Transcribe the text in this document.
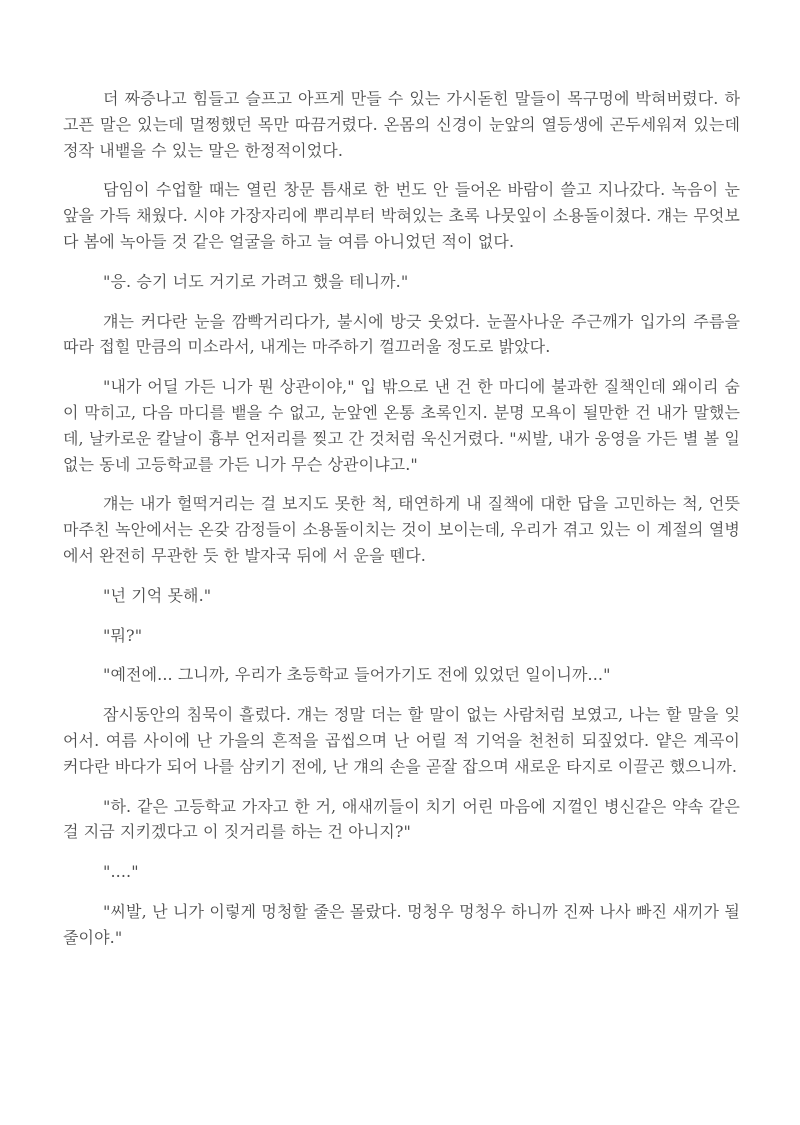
더 짜증나고 힘들고 슬프고 아프게 만들 수 있는 가시돋힌 말들이 목구멍에 박혀버렸다. 하고픈 말은 있는데 멀쩡했던 목만 따끔거렸다. 온몸의 신경이 눈앞의 열등생에 곤두세워져 있는데 정작 내뱉을 수 있는 말은 한정적이었다.

담임이 수업할 때는 열린 창문 틈새로 한 번도 안 들어온 바람이 쓸고 지나갔다. 녹음이 눈앞을 가득 채웠다. 시야 가장자리에 뿌리부터 박혀있는 초록 나뭇잎이 소용돌이쳤다. 걔는 무엇보다 봄에 녹아들 것 같은 얼굴을 하고 늘 여름 아니었던 적이 없다.

"응. 승기 너도 거기로 가려고 했을 테니까."

걔는 커다란 눈을 깜빡거리다가, 불시에 방긋 웃었다. 눈꼴사나운 주근깨가 입가의 주름을 따라 접힐 만큼의 미소라서, 내게는 마주하기 껄끄러울 정도로 밝았다.

"내가 어딜 가든 니가 뭔 상관이야," 입 밖으로 낸 건 한 마디에 불과한 질책인데 왜이리 숨이 막히고, 다음 마디를 뱉을 수 없고, 눈앞엔 온통 초록인지. 분명 모욕이 될만한 건 내가 말했는데, 날카로운 칼날이 흉부 언저리를 찢고 간 것처럼 욱신거렸다. "씨발, 내가 웅영을 가든 별 볼 일 없는 동네 고등학교를 가든 니가 무슨 상관이냐고."

걔는 내가 헐떡거리는 걸 보지도 못한 척, 태연하게 내 질책에 대한 답을 고민하는 척, 언뜻 마주친 녹안에서는 온갖 감정들이 소용돌이치는 것이 보이는데, 우리가 겪고 있는 이 계절의 열병에서 완전히 무관한 듯 한 발자국 뒤에 서 운을 뗀다.

"넌 기억 못해."

"뭐?"

"예전에... 그니까, 우리가 초등학교 들어가기도 전에 있었던 일이니까..."

잠시동안의 침묵이 흘렀다. 걔는 정말 더는 할 말이 없는 사람처럼 보였고, 나는 할 말을 잊어서. 여름 사이에 난 가을의 흔적을 곱씹으며 난 어릴 적 기억을 천천히 되짚었다. 얕은 계곡이 커다란 바다가 되어 나를 삼키기 전에, 난 걔의 손을 곧잘 잡으며 새로운 타지로 이끌곤 했으니까.

"하. 같은 고등학교 가자고 한 거, 애새끼들이 치기 어린 마음에 지껄인 병신같은 약속 같은 걸 지금 지키겠다고 이 짓거리를 하는 건 아니지?"

"...."

"씨발, 난 니가 이렇게 멍청할 줄은 몰랐다. 멍청우 멍청우 하니까 진짜 나사 빠진 새끼가 될 줄이야."
